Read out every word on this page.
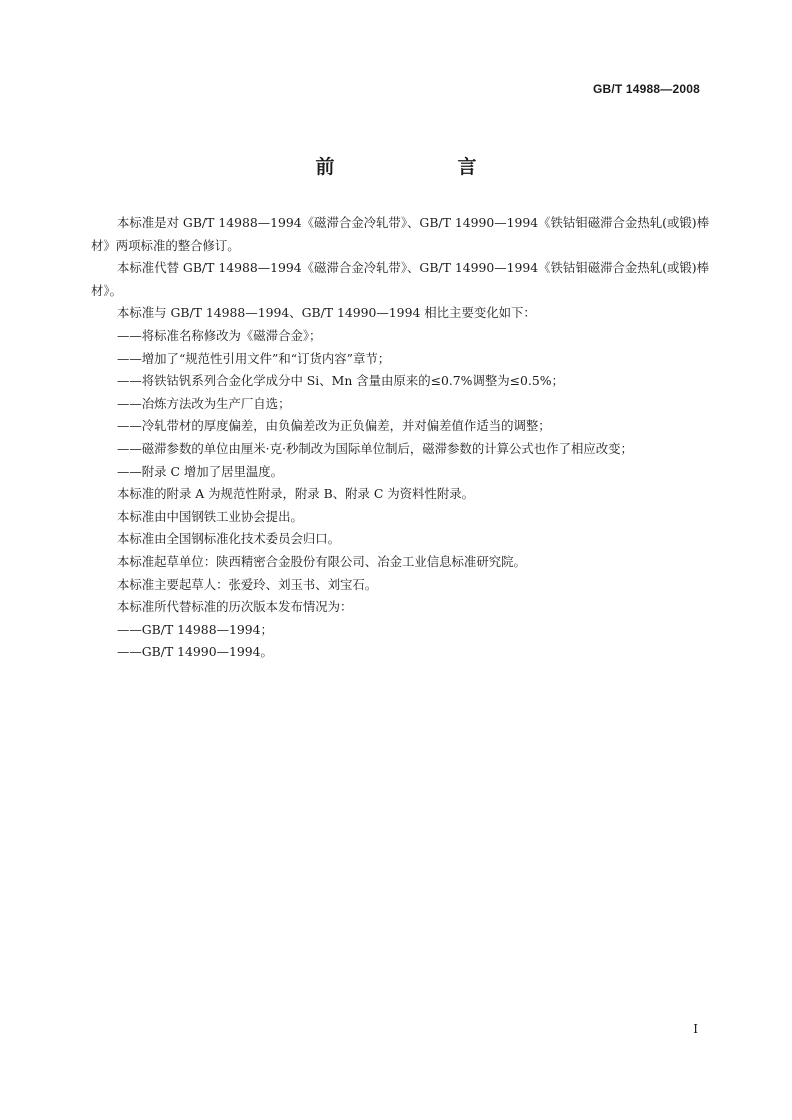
GB/T 14988—2008
前　言

本标准是对 GB/T 14988—1994《磁滞合金冷轧带》、GB/T 14990—1994《铁钴钼磁滞合金热轧(或锻)棒材》两项标准的整合修订。

本标准代替 GB/T 14988—1994《磁滞合金冷轧带》、GB/T 14990—1994《铁钴钼磁滞合金热轧(或锻)棒材》。

本标准与 GB/T 14988—1994、GB/T 14990—1994 相比主要变化如下：

——将标准名称修改为《磁滞合金》；

——增加了“规范性引用文件”和“订货内容”章节；

——将铁钴钒系列合金化学成分中 Si、Mn 含量由原来的≤0.7%调整为≤0.5%；

——冶炼方法改为生产厂自选；

——冷轧带材的厚度偏差，由负偏差改为正负偏差，并对偏差值作适当的调整；

——磁滞参数的单位由厘米·克·秒制改为国际单位制后，磁滞参数的计算公式也作了相应改变；

——附录 C 增加了居里温度。

本标准的附录 A 为规范性附录，附录 B、附录 C 为资料性附录。

本标准由中国钢铁工业协会提出。

本标准由全国钢标准化技术委员会归口。

本标准起草单位：陕西精密合金股份有限公司、冶金工业信息标准研究院。

本标准主要起草人：张爱玲、刘玉书、刘宝石。

本标准所代替标准的历次版本发布情况为：

——GB/T 14988—1994；

——GB/T 14990—1994。

I
